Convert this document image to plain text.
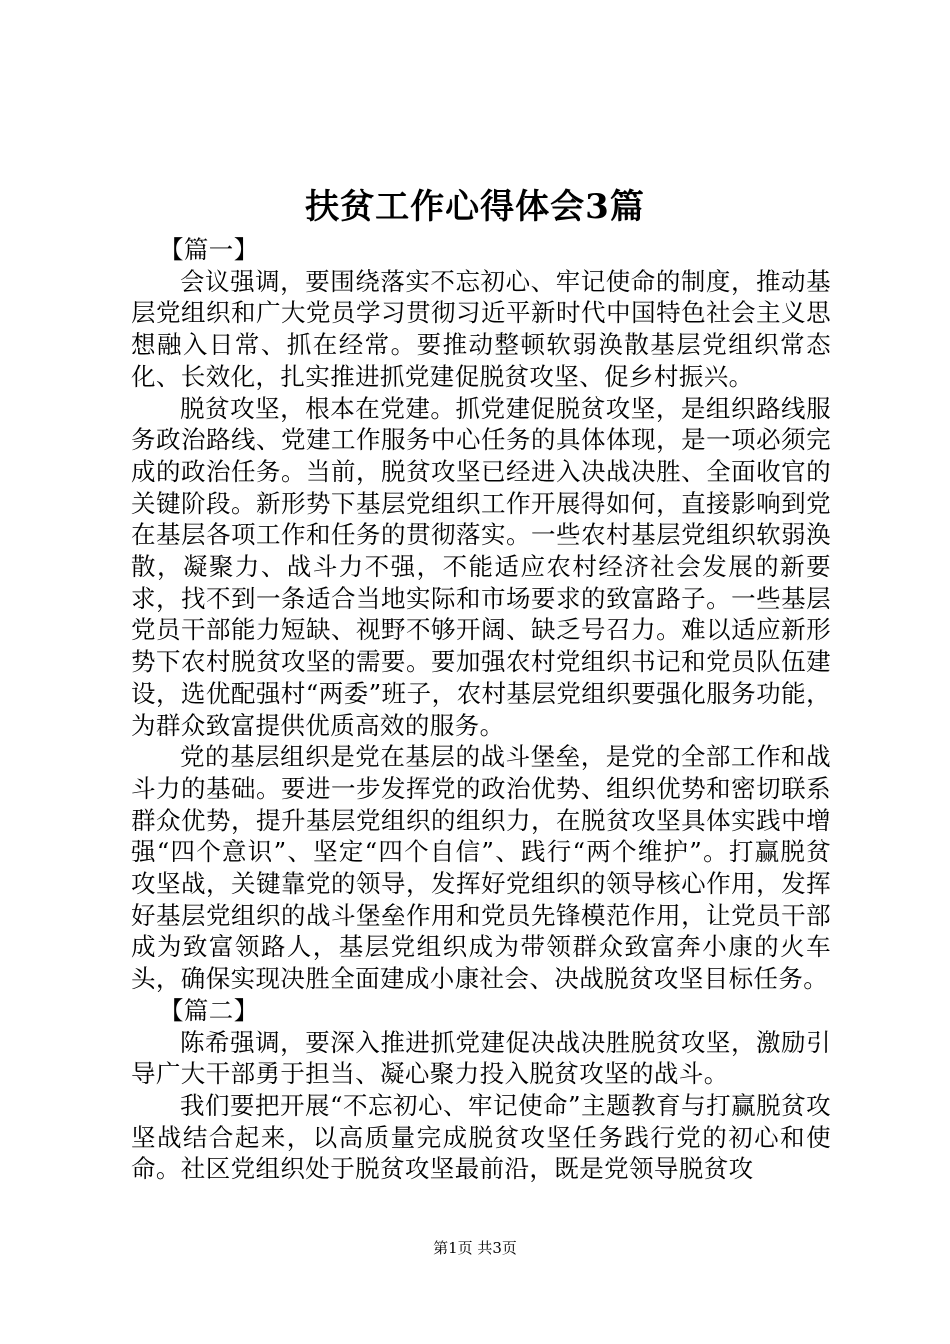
扶贫工作心得体会3篇

【篇一】

会议强调，要围绕落实不忘初心、牢记使命的制度，推动基层党组织和广大党员学习贯彻习近平新时代中国特色社会主义思想融入日常、抓在经常。要推动整顿软弱涣散基层党组织常态化、长效化，扎实推进抓党建促脱贫攻坚、促乡村振兴。

脱贫攻坚，根本在党建。抓党建促脱贫攻坚，是组织路线服务政治路线、党建工作服务中心任务的具体体现，是一项必须完成的政治任务。当前，脱贫攻坚已经进入决战决胜、全面收官的关键阶段。新形势下基层党组织工作开展得如何，直接影响到党在基层各项工作和任务的贯彻落实。一些农村基层党组织软弱涣散，凝聚力、战斗力不强，不能适应农村经济社会发展的新要求，找不到一条适合当地实际和市场要求的致富路子。一些基层党员干部能力短缺、视野不够开阔、缺乏号召力。难以适应新形势下农村脱贫攻坚的需要。要加强农村党组织书记和党员队伍建设，选优配强村“两委”班子，农村基层党组织要强化服务功能，为群众致富提供优质高效的服务。

党的基层组织是党在基层的战斗堡垒，是党的全部工作和战斗力的基础。要进一步发挥党的政治优势、组织优势和密切联系群众优势，提升基层党组织的组织力，在脱贫攻坚具体实践中增强“四个意识”、坚定“四个自信”、践行“两个维护”。打赢脱贫攻坚战，关键靠党的领导，发挥好党组织的领导核心作用，发挥好基层党组织的战斗堡垒作用和党员先锋模范作用，让党员干部成为致富领路人，基层党组织成为带领群众致富奔小康的火车头，确保实现决胜全面建成小康社会、决战脱贫攻坚目标任务。

【篇二】

陈希强调，要深入推进抓党建促决战决胜脱贫攻坚，激励引导广大干部勇于担当、凝心聚力投入脱贫攻坚的战斗。

我们要把开展“不忘初心、牢记使命”主题教育与打赢脱贫攻坚战结合起来，以高质量完成脱贫攻坚任务践行党的初心和使命。社区党组织处于脱贫攻坚最前沿，既是党领导脱贫攻

第1页 共3页
